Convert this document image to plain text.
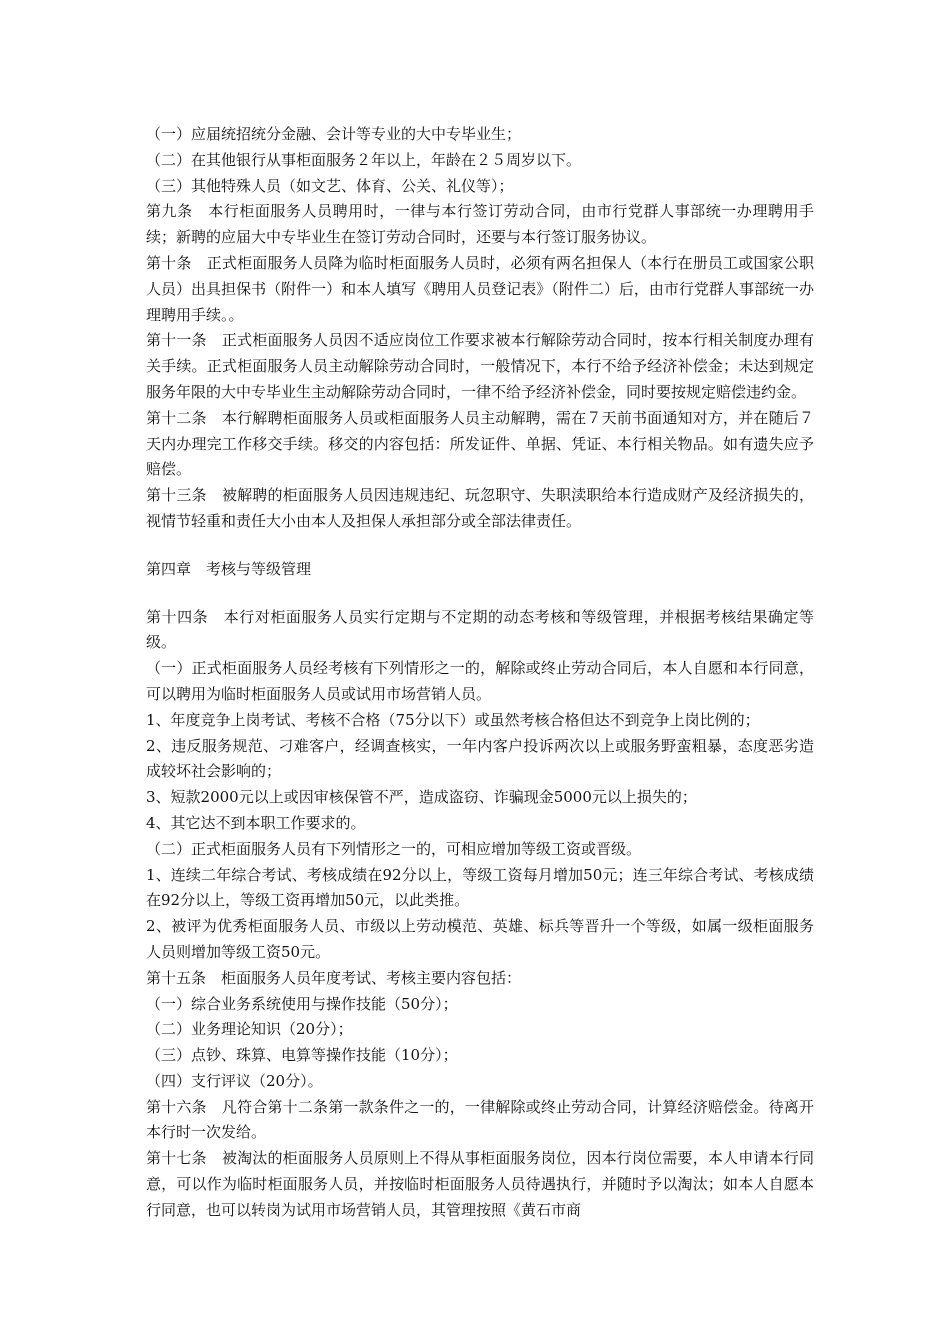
（一）应届统招统分金融、会计等专业的大中专毕业生；

（二）在其他银行从事柜面服务２年以上，年龄在２５周岁以下。

（三）其他特殊人员（如文艺、体育、公关、礼仪等）；

第九条　本行柜面服务人员聘用时，一律与本行签订劳动合同，由市行党群人事部统一办理聘用手续；新聘的应届大中专毕业生在签订劳动合同时，还要与本行签订服务协议。

第十条　正式柜面服务人员降为临时柜面服务人员时，必须有两名担保人（本行在册员工或国家公职人员）出具担保书（附件一）和本人填写《聘用人员登记表》（附件二）后，由市行党群人事部统一办理聘用手续。。

第十一条　正式柜面服务人员因不适应岗位工作要求被本行解除劳动合同时，按本行相关制度办理有关手续。正式柜面服务人员主动解除劳动合同时，一般情况下，本行不给予经济补偿金；未达到规定服务年限的大中专毕业生主动解除劳动合同时，一律不给予经济补偿金，同时要按规定赔偿违约金。

第十二条　本行解聘柜面服务人员或柜面服务人员主动解聘，需在７天前书面通知对方，并在随后７天内办理完工作移交手续。移交的内容包括：所发证件、单据、凭证、本行相关物品。如有遗失应予赔偿。

第十三条　被解聘的柜面服务人员因违规违纪、玩忽职守、失职渎职给本行造成财产及经济损失的，视情节轻重和责任大小由本人及担保人承担部分或全部法律责任。

第四章　考核与等级管理

第十四条　本行对柜面服务人员实行定期与不定期的动态考核和等级管理，并根据考核结果确定等级。

（一）正式柜面服务人员经考核有下列情形之一的，解除或终止劳动合同后，本人自愿和本行同意，可以聘用为临时柜面服务人员或试用市场营销人员。

1、年度竞争上岗考试、考核不合格（75分以下）或虽然考核合格但达不到竞争上岗比例的；

2、违反服务规范、刁难客户，经调查核实，一年内客户投诉两次以上或服务野蛮粗暴，态度恶劣造成较坏社会影响的；

3、短款2000元以上或因审核保管不严，造成盗窃、诈骗现金5000元以上损失的；

4、其它达不到本职工作要求的。

（二）正式柜面服务人员有下列情形之一的，可相应增加等级工资或晋级。

1、连续二年综合考试、考核成绩在92分以上，等级工资每月增加50元；连三年综合考试、考核成绩在92分以上，等级工资再增加50元，以此类推。

2、被评为优秀柜面服务人员、市级以上劳动模范、英雄、标兵等晋升一个等级，如属一级柜面服务人员则增加等级工资50元。

第十五条　柜面服务人员年度考试、考核主要内容包括：

（一）综合业务系统使用与操作技能（50分）；

（二）业务理论知识（20分）；

（三）点钞、珠算、电算等操作技能（10分）；

（四）支行评议（20分）。

第十六条　凡符合第十二条第一款条件之一的，一律解除或终止劳动合同，计算经济赔偿金。待离开本行时一次发给。

第十七条　被淘汰的柜面服务人员原则上不得从事柜面服务岗位，因本行岗位需要，本人申请本行同意，可以作为临时柜面服务人员，并按临时柜面服务人员待遇执行，并随时予以淘汰；如本人自愿本行同意，也可以转岗为试用市场营销人员，其管理按照《黄石市商
